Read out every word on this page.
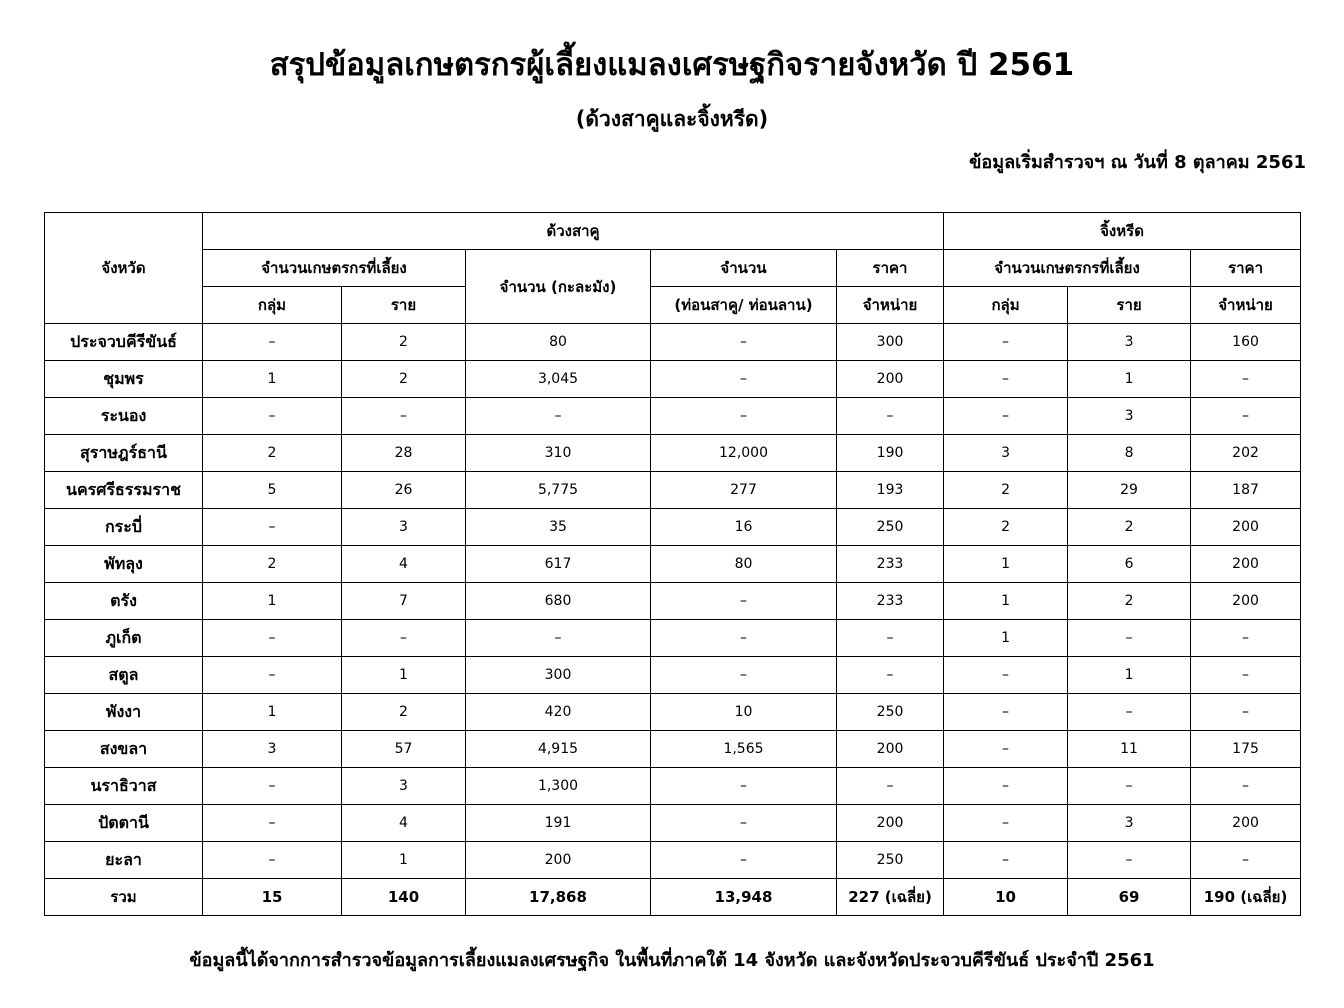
สรุปข้อมูลเกษตรกรผู้เลี้ยงแมลงเศรษฐกิจรายจังหวัด ปี 2561
(ด้วงสาคูและจิ้งหรีด)
ข้อมูลเริ่มสำรวจฯ ณ วันที่ 8 ตุลาคม 2561
จังหวัด	ด้วงสาคู					จิ้งหรีด		
	จำนวนเกษตรกรที่เลี้ยง		จำนวน (กะละมัง)	จำนวน	ราคา	จำนวนเกษตรกรที่เลี้ยง		ราคา
	กลุ่ม	ราย		(ท่อนสาคู/ ท่อนลาน)	จำหน่าย	กลุ่ม	ราย	จำหน่าย
ประจวบคีรีขันธ์	–	2	80	–	300	–	3	160
ชุมพร	1	2	3,045	–	200	–	1	–
ระนอง	–	–	–	–	–	–	3	–
สุราษฎร์ธานี	2	28	310	12,000	190	3	8	202
นครศรีธรรมราช	5	26	5,775	277	193	2	29	187
กระบี่	–	3	35	16	250	2	2	200
พัทลุง	2	4	617	80	233	1	6	200
ตรัง	1	7	680	–	233	1	2	200
ภูเก็ต	–	–	–	–	–	1	–	–
สตูล	–	1	300	–	–	–	1	–
พังงา	1	2	420	10	250	–	–	–
สงขลา	3	57	4,915	1,565	200	–	11	175
นราธิวาส	–	3	1,300	–	–	–	–	–
ปัตตานี	–	4	191	–	200	–	3	200
ยะลา	–	1	200	–	250	–	–	–
รวม	15	140	17,868	13,948	227 (เฉลี่ย)	10	69	190 (เฉลี่ย)
ข้อมูลนี้ได้จากการสำรวจข้อมูลการเลี้ยงแมลงเศรษฐกิจ ในพื้นที่ภาคใต้ 14 จังหวัด และจังหวัดประจวบคีรีขันธ์ ประจำปี 2561
